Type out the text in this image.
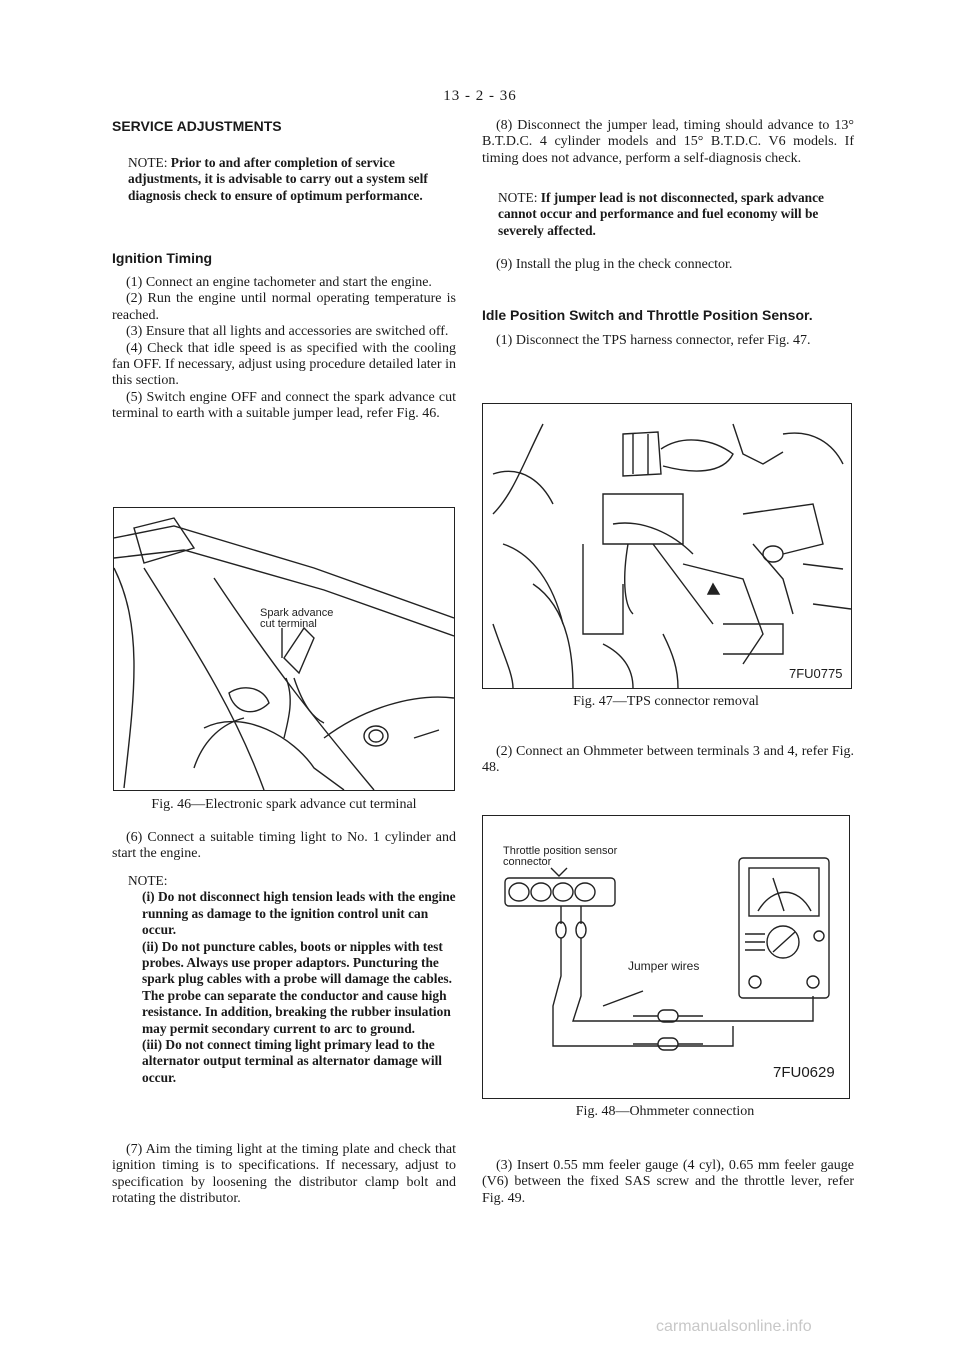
13 - 2 - 36
SERVICE ADJUSTMENTS
NOTE: Prior to and after completion of service adjustments, it is advisable to carry out a system self diagnosis check to ensure of optimum performance.
Ignition Timing

(1) Connect an engine tachometer and start the engine.

(2) Run the engine until normal operating temperature is reached.

(3) Ensure that all lights and accessories are switched off.

(4) Check that idle speed is as specified with the cooling fan OFF. If necessary, adjust using procedure detailed later in this section.

(5) Switch engine OFF and connect the spark advance cut terminal to earth with a suitable jumper lead, refer Fig. 46.

Spark advance
cut terminal
Fig. 46—Electronic spark advance cut terminal

(6) Connect a suitable timing light to No. 1 cylinder and start the engine.

NOTE:
(i) Do not disconnect high tension leads with the engine running as damage to the ignition control unit can occur.
(ii) Do not puncture cables, boots or nipples with test probes. Always use proper adaptors. Puncturing the spark plug cables with a probe will damage the cables. The probe can separate the conductor and cause high resistance. In addition, breaking the rubber insulation may permit secondary current to arc to ground.
(iii) Do not connect timing light primary lead to the alternator output terminal as alternator damage will occur.

(7) Aim the timing light at the timing plate and check that ignition timing is to specifications. If necessary, adjust to specification by loosening the distributor clamp bolt and rotating the distributor.

(8) Disconnect the jumper lead, timing should advance to 13° B.T.D.C. 4 cylinder models and 15° B.T.D.C. V6 models. If timing does not advance, perform a self-diagnosis check.

NOTE: If jumper lead is not disconnected, spark advance cannot occur and performance and fuel economy will be severely affected.

(9) Install the plug in the check connector.

Idle Position Switch and Throttle Position Sensor.

(1) Disconnect the TPS harness connector, refer Fig. 47.

7FU0775
Fig. 47—TPS connector removal

(2) Connect an Ohmmeter between terminals 3 and 4, refer Fig. 48.

Throttle position sensor
connector
Jumper wires
7FU0629
Fig. 48—Ohmmeter connection

(3) Insert 0.55 mm feeler gauge (4 cyl), 0.65 mm feeler gauge (V6) between the fixed SAS screw and the throttle lever, refer Fig. 49.

carmanualsonline.info
